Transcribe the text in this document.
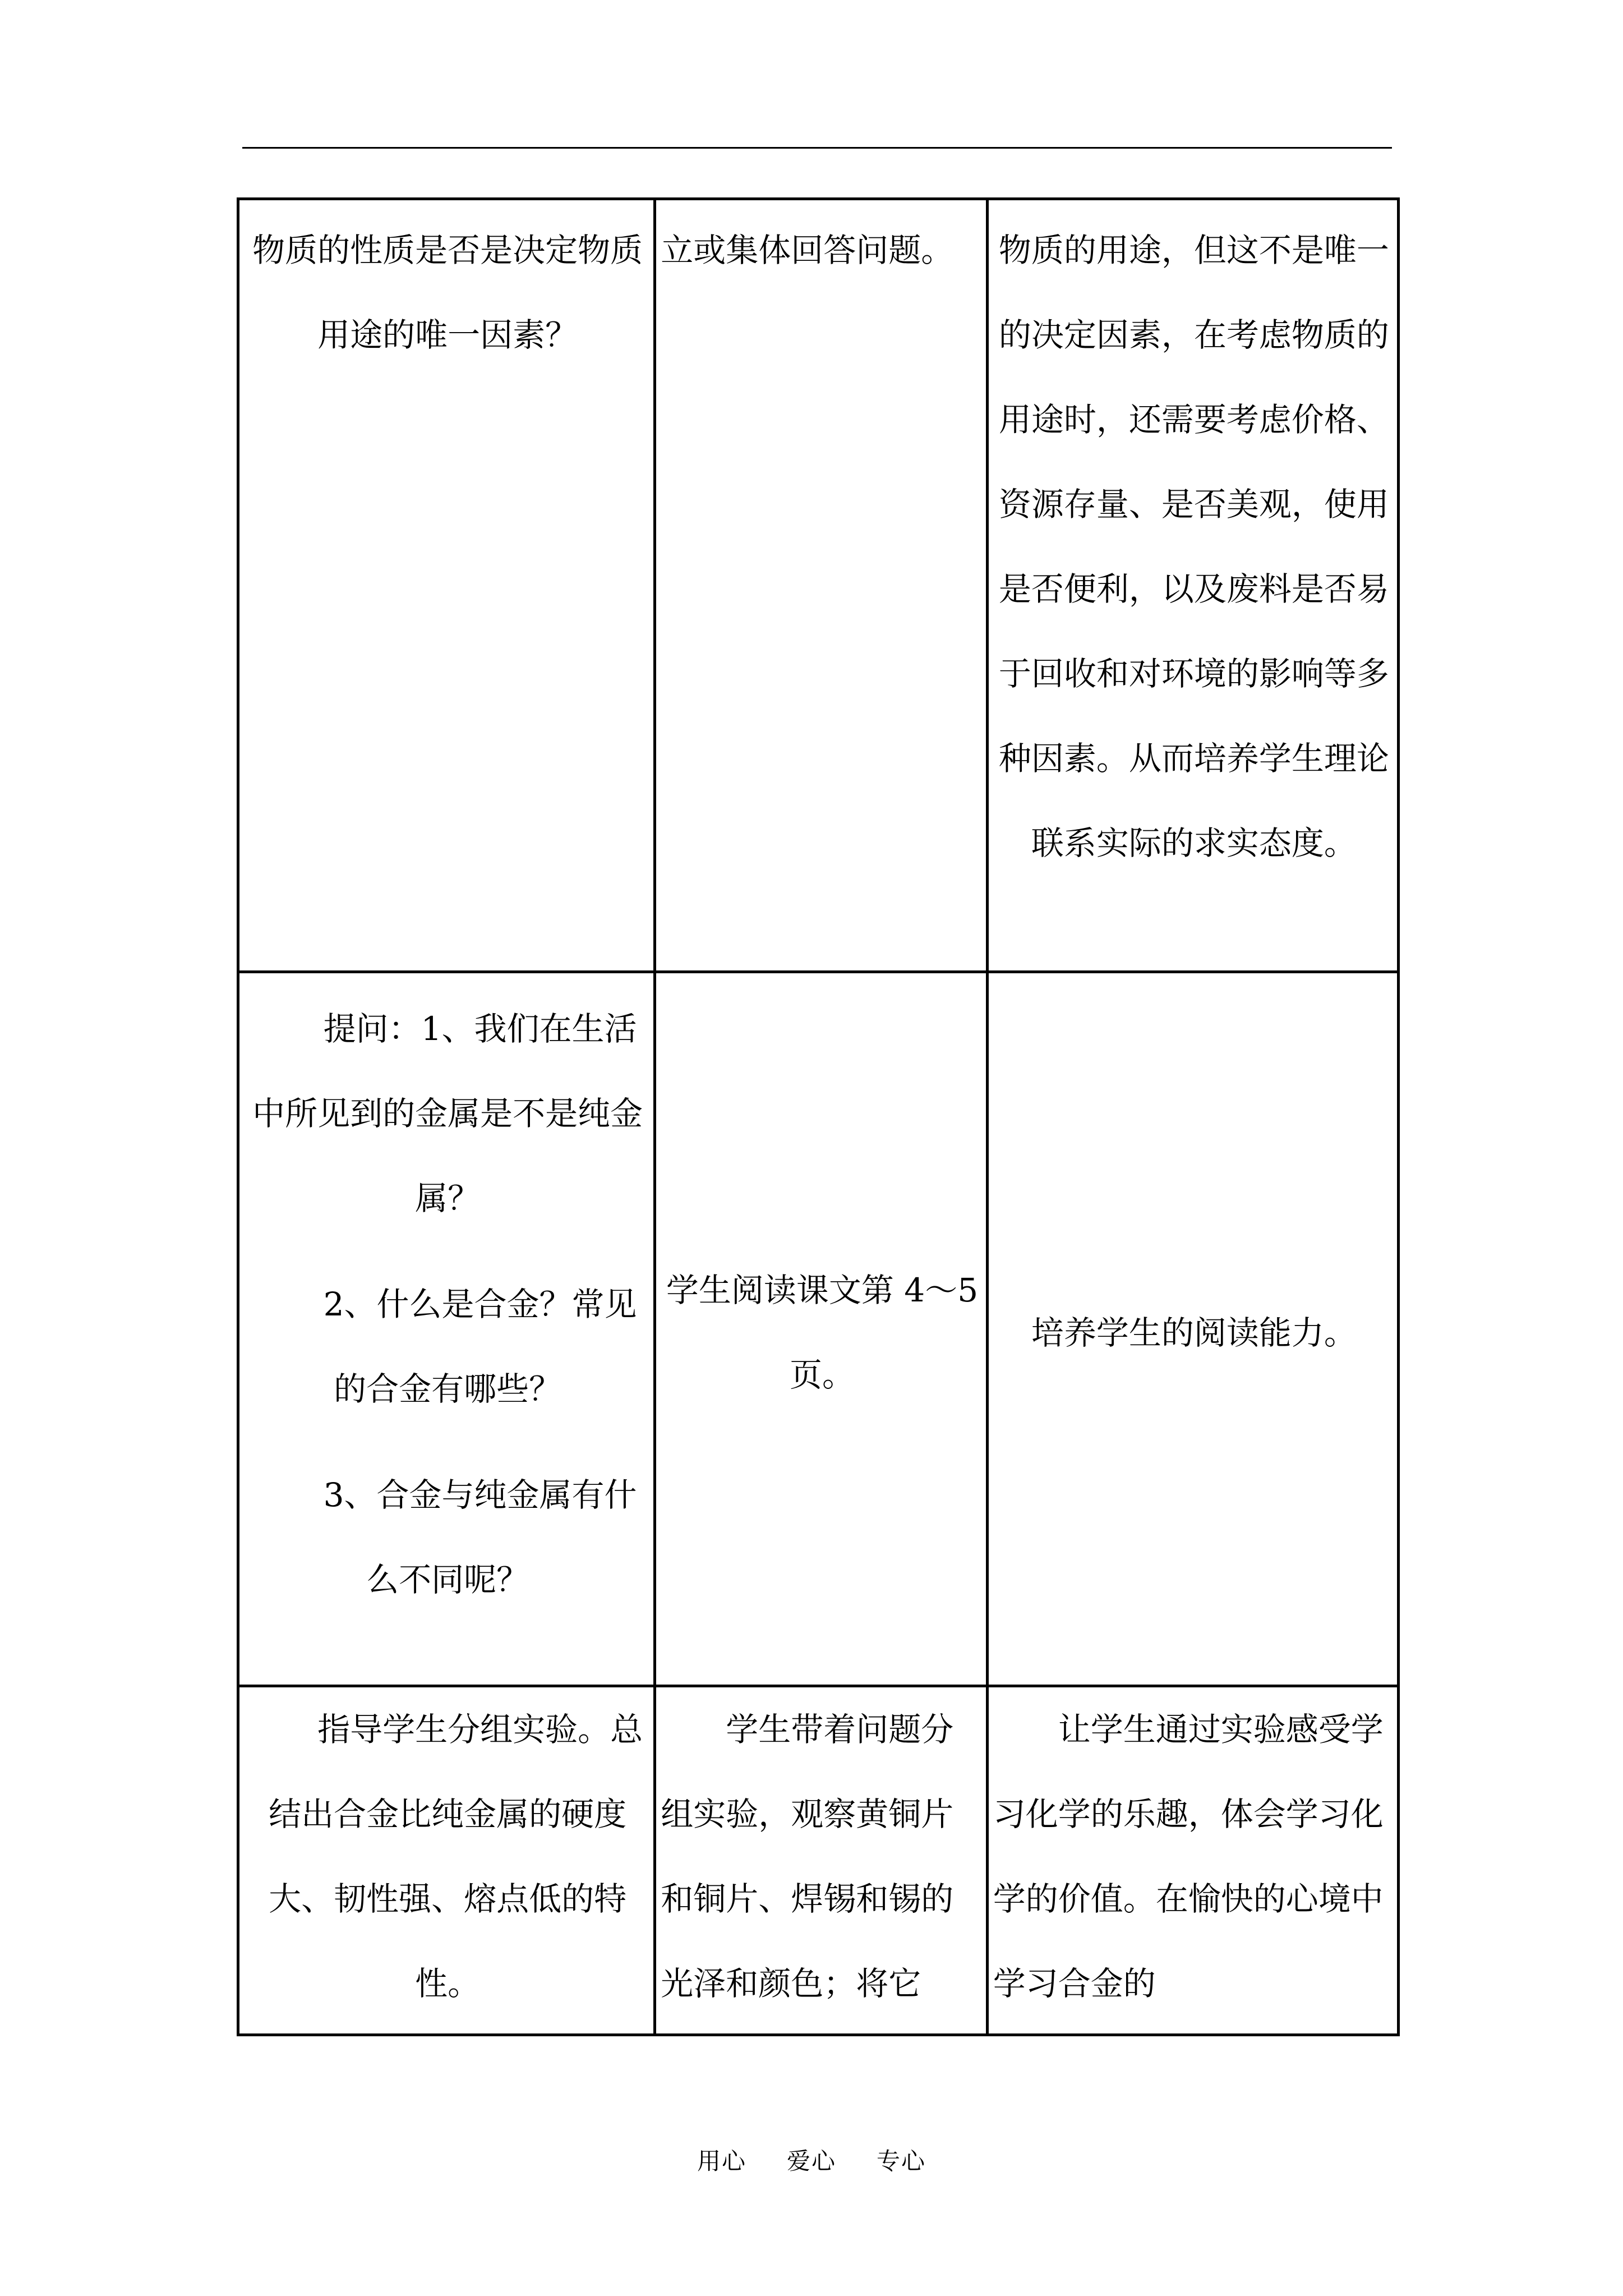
物质的性质是否是决定物质用途的唯一因素？	立或集体回答问题。	物质的用途，但这不是唯一的决定因素，在考虑物质的用途时，还需要考虑价格、资源存量、是否美观，使用是否便利，以及废料是否易于回收和对环境的影响等多种因素。从而培养学生理论联系实际的求实态度。

提问：1、我们在生活中所见到的金属是不是纯金属？

2、什么是合金？常见的合金有哪些？

3、合金与纯金属有什么不同呢？	学生阅读课文第 4～5 页。	培养学生的阅读能力。

指导学生分组实验。总结出合金比纯金属的硬度大、韧性强、熔点低的特性。	学生带着问题分组实验，观察黄铜片和铜片、焊锡和锡的光泽和颜色；将它	让学生通过实验感受学习化学的乐趣，体会学习化学的价值。在愉快的心境中学习合金的
用心 爱心 专心
